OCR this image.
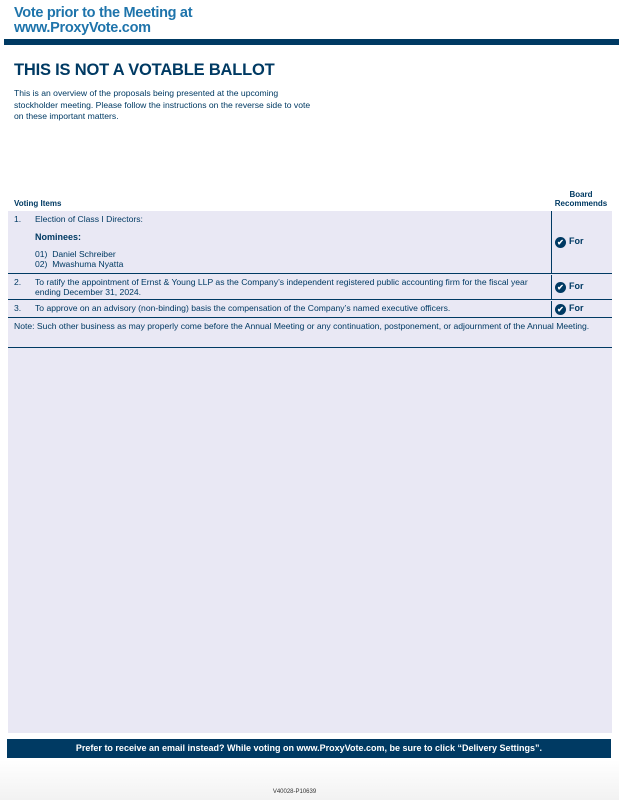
Vote prior to the Meeting at
www.ProxyVote.com
THIS IS NOT A VOTABLE BALLOT
This is an overview of the proposals being presented at the upcoming stockholder meeting. Please follow the instructions on the reverse side to vote on these important matters.
Voting Items
Board
Recommends
1. Election of Class I Directors:
Nominees:
01)  Daniel Schreiber
02)  Mwashuma Nyatta
✔ For
2. To ratify the appointment of Ernst & Young LLP as the Company’s independent registered public accounting firm for the fiscal year ending December 31, 2024.	✔ For
3. To approve on an advisory (non-binding) basis the compensation of the Company’s named executive officers.	✔ For
Note: Such other business as may properly come before the Annual Meeting or any continuation, postponement, or adjournment of the Annual Meeting.
Prefer to receive an email instead? While voting on www.ProxyVote.com, be sure to click “Delivery Settings”.
V40028-P10639
